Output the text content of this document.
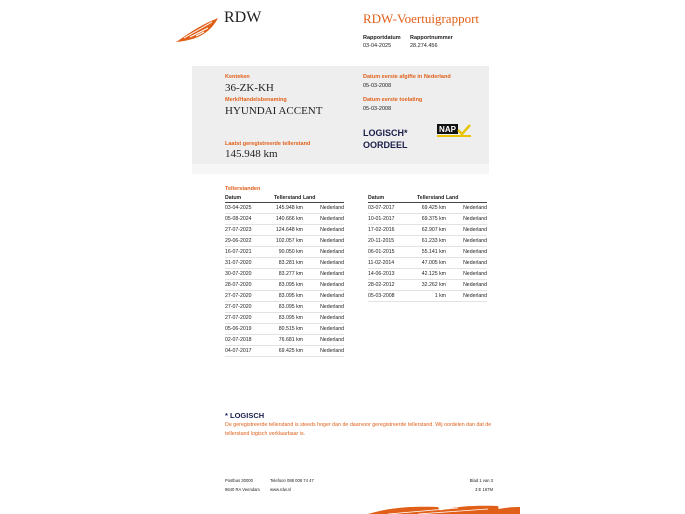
RDW	RDW-Voertuigrapport
Rapportdatum
03-04-2025
Rapportnummer
28.274.456
Kenteken
36-ZK-KH
Merk/Handelsbenaming
HYUNDAI ACCENT
Laatst geregistreerde tellerstand
145.948 km
Datum eerste afgifte in Nederland
05-03-2008
Datum eerste toelating
05-03-2008
LOGISCH*
OORDEEL
NAP
Tellerstanden
Datum	Tellerstand	Land
03-04-2025	145.948 km	Nederland
05-08-2024	140.666 km	Nederland
27-07-2023	124.648 km	Nederland
29-06-2022	102.057 km	Nederland
16-07-2021	90.050 km	Nederland
31-07-2020	83.281 km	Nederland
30-07-2020	83.277 km	Nederland
28-07-2020	83.095 km	Nederland
27-07-2020	83.095 km	Nederland
27-07-2020	83.095 km	Nederland
27-07-2020	83.095 km	Nederland
05-06-2019	80.515 km	Nederland
02-07-2018	76.681 km	Nederland
04-07-2017	69.425 km	Nederland
Datum	Tellerstand	Land
03-07-2017	69.425 km	Nederland
10-01-2017	69.375 km	Nederland
17-02-2016	62.907 km	Nederland
20-11-2015	61.233 km	Nederland
06-01-2015	55.141 km	Nederland
11-02-2014	47.005 km	Nederland
14-06-2013	42.125 km	Nederland
28-02-2012	32.262 km	Nederland
05-03-2008	1 km	Nederland
* LOGISCH
De geregistreerde tellerstand is steeds hoger dan de daarvoor geregistreerde tellerstand. Wij oordelen dan dat de tellerstand logisch verklaarbaar is.
Postbus 30000
9640 RA Veendam
Telefoon 088 008 74 47
www.rdw.nl
Blad 1 van 3
3 E 167M
